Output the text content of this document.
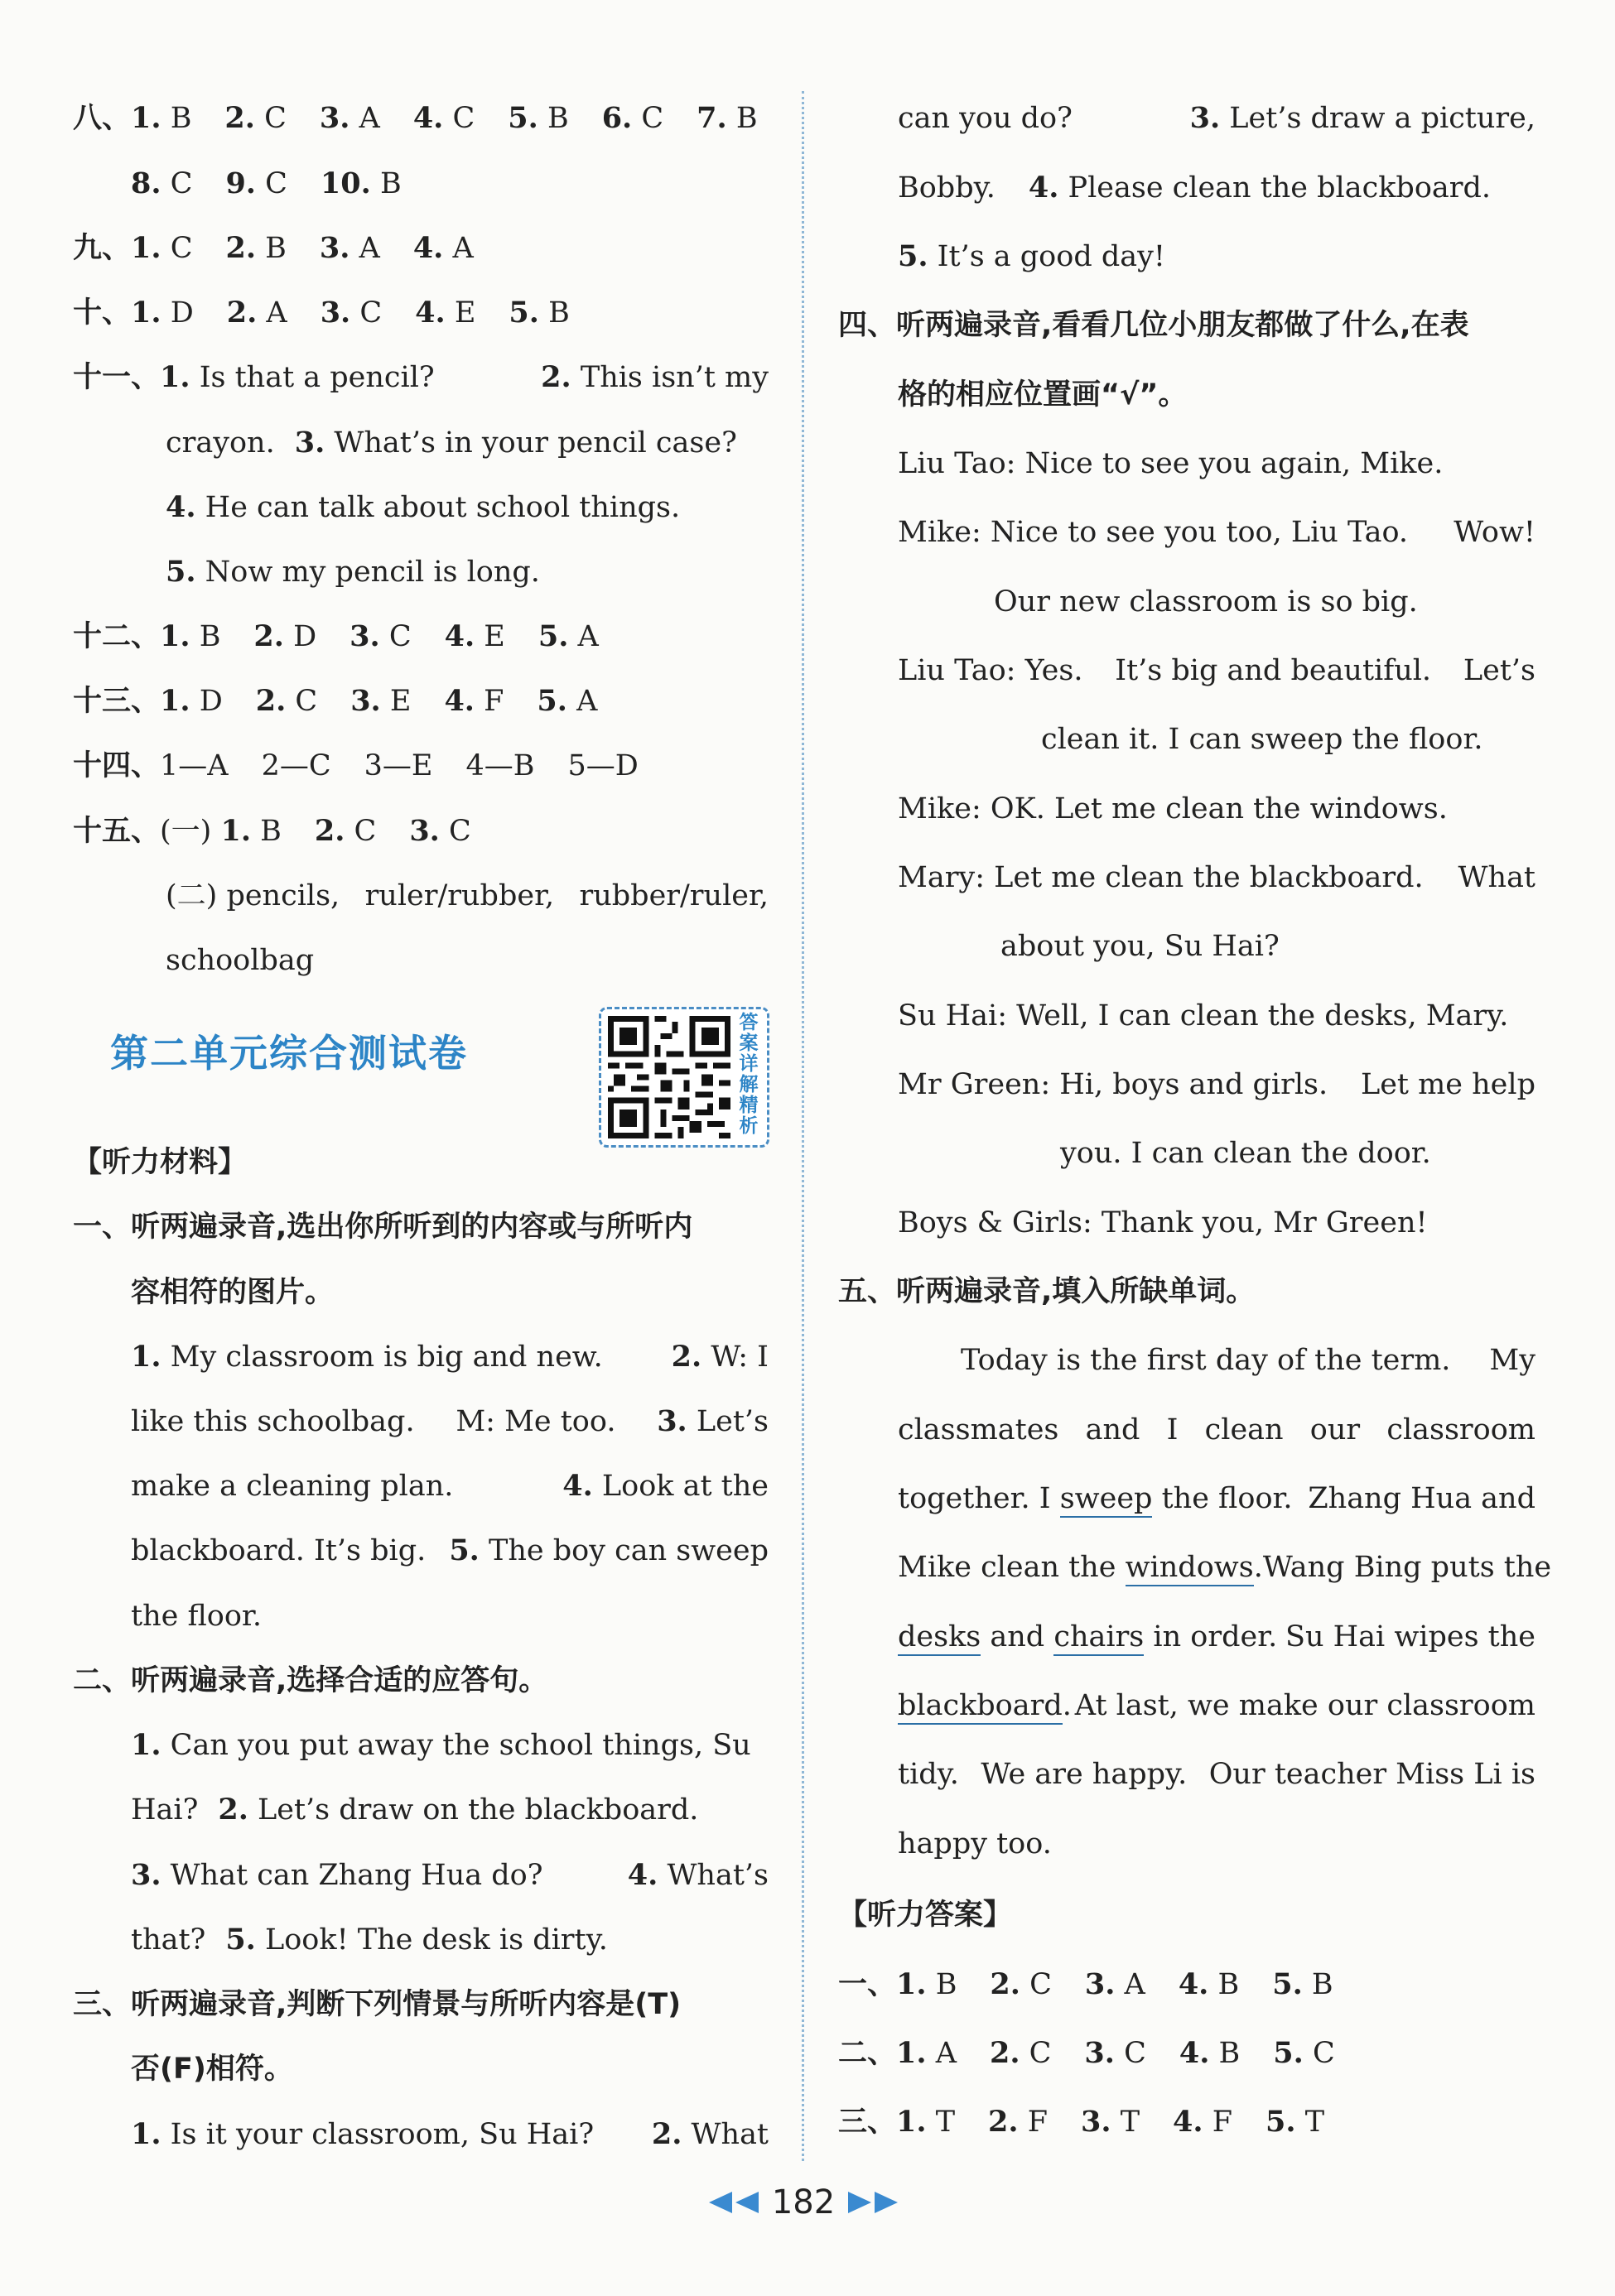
八、1. B 2. C 3. A 4. C 5. B 6. C 7. B
8. C 9. C 10. B
九、1. C 2. B 3. A 4. A
十、1. D 2. A 3. C 4. E 5. B
十一、1. Is that a pencil?	2. This isn’t my
crayon. 3. What’s in your pencil case?
4. He can talk about school things.
5. Now my pencil is long.
十二、1. B 2. D 3. C 4. E 5. A
十三、1. D 2. C 3. E 4. F 5. A
十四、1—A 2—C 3—E 4—B 5—D
十五、(一) 1. B 2. C 3. C
(二) pencils, ruler/rubber, rubber/ruler,
schoolbag
第二单元综合测试卷
答案详解精析
【听力材料】
一、听两遍录音,选出你所听到的内容或与所听内
容相符的图片。
1. My classroom is big and new. 2. W: I
like this schoolbag. M: Me too. 3. Let’s
make a cleaning plan.	4. Look at the
blackboard. It’s big. 5. The boy can sweep
the floor.
二、听两遍录音,选择合适的应答句。
1. Can you put away the school things, Su
Hai? 2. Let’s draw on the blackboard.
3. What can Zhang Hua do?	4. What’s
that? 5. Look! The desk is dirty.
三、听两遍录音,判断下列情景与所听内容是(T)
否(F)相符。
1. Is it your classroom, Su Hai? 2. What
can you do?	3. Let’s draw a picture,
Bobby. 4. Please clean the blackboard.
5. It’s a good day!
四、听两遍录音,看看几位小朋友都做了什么,在表
格的相应位置画“√”。
Liu Tao: Nice to see you again, Mike.
Mike: Nice to see you too, Liu Tao. Wow!
Our new classroom is so big.
Liu Tao: Yes. It’s big and beautiful. Let’s
clean it. I can sweep the floor.
Mike: OK. Let me clean the windows.
Mary: Let me clean the blackboard. What
about you, Su Hai?
Su Hai: Well, I can clean the desks, Mary.
Mr Green: Hi, boys and girls. Let me help
you. I can clean the door.
Boys & Girls: Thank you, Mr Green!
五、听两遍录音,填入所缺单词。
Today is the first day of the term. My
classmates and I clean our classroom
together. I sweep the floor. Zhang Hua and
Mike clean the windows. Wang Bing puts the
desks and chairs in order. Su Hai wipes the
blackboard. At last, we make our classroom
tidy. We are happy. Our teacher Miss Li is
happy too.
【听力答案】
一、1. B 2. C 3. A 4. B 5. B
二、1. A 2. C 3. C 4. B 5. C
三、1. T 2. F 3. T 4. F 5. T
182
